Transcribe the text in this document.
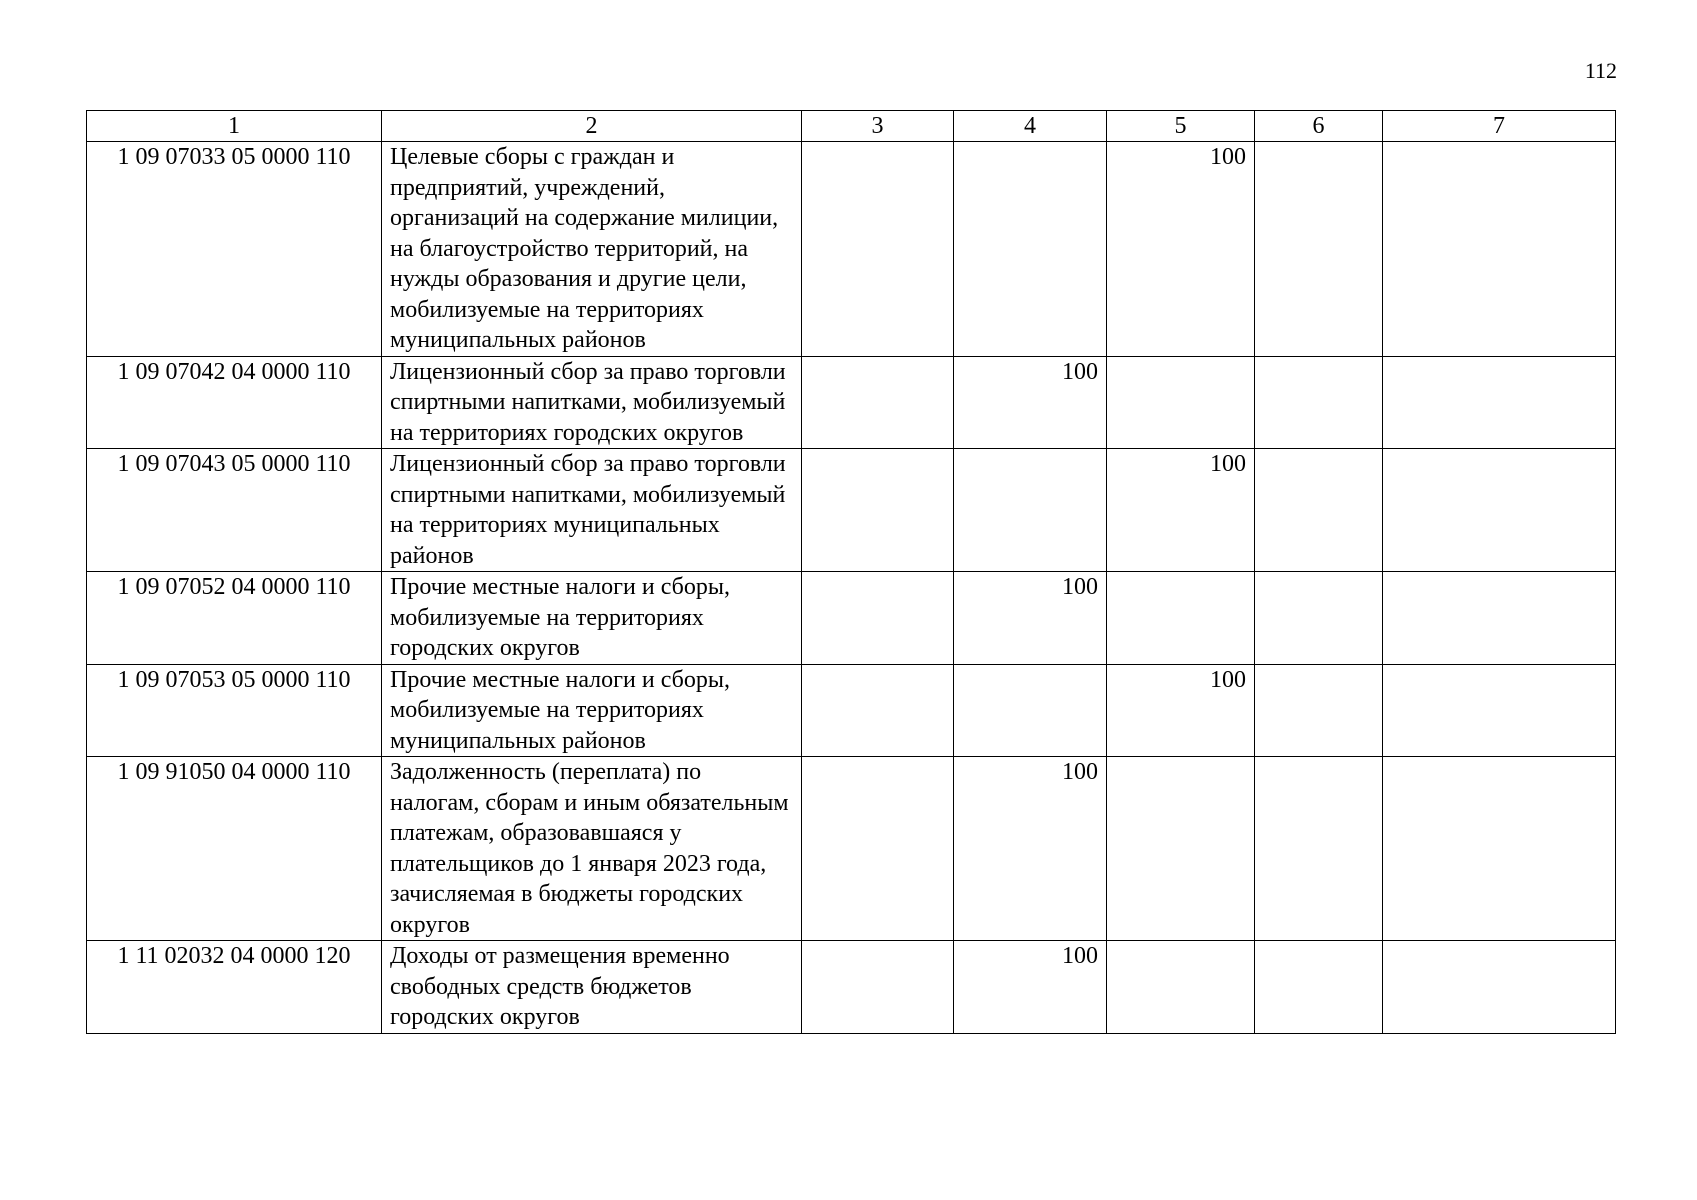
112
1	2	3	4	5	6	7
1 09 07033 05 0000 110	Целевые сборы с граждан и предприятий, учреждений, организаций на содержание милиции, на благоустройство территорий, на нужды образования и другие цели, мобилизуемые на территориях муниципальных районов			100		
1 09 07042 04 0000 110	Лицензионный сбор за право торговли спиртными напитками, мобилизуемый на территориях городских округов		100			
1 09 07043 05 0000 110	Лицензионный сбор за право торговли спиртными напитками, мобилизуемый на территориях муниципальных районов			100		
1 09 07052 04 0000 110	Прочие местные налоги и сборы, мобилизуемые на территориях городских округов		100			
1 09 07053 05 0000 110	Прочие местные налоги и сборы, мобилизуемые на территориях муниципальных районов			100		
1 09 91050 04 0000 110	Задолженность (переплата) по налогам, сборам и иным обязательным платежам, образовавшаяся у плательщиков до 1 января 2023 года, зачисляемая в бюджеты городских округов		100			
1 11 02032 04 0000 120	Доходы от размещения временно свободных средств бюджетов городских округов		100			
